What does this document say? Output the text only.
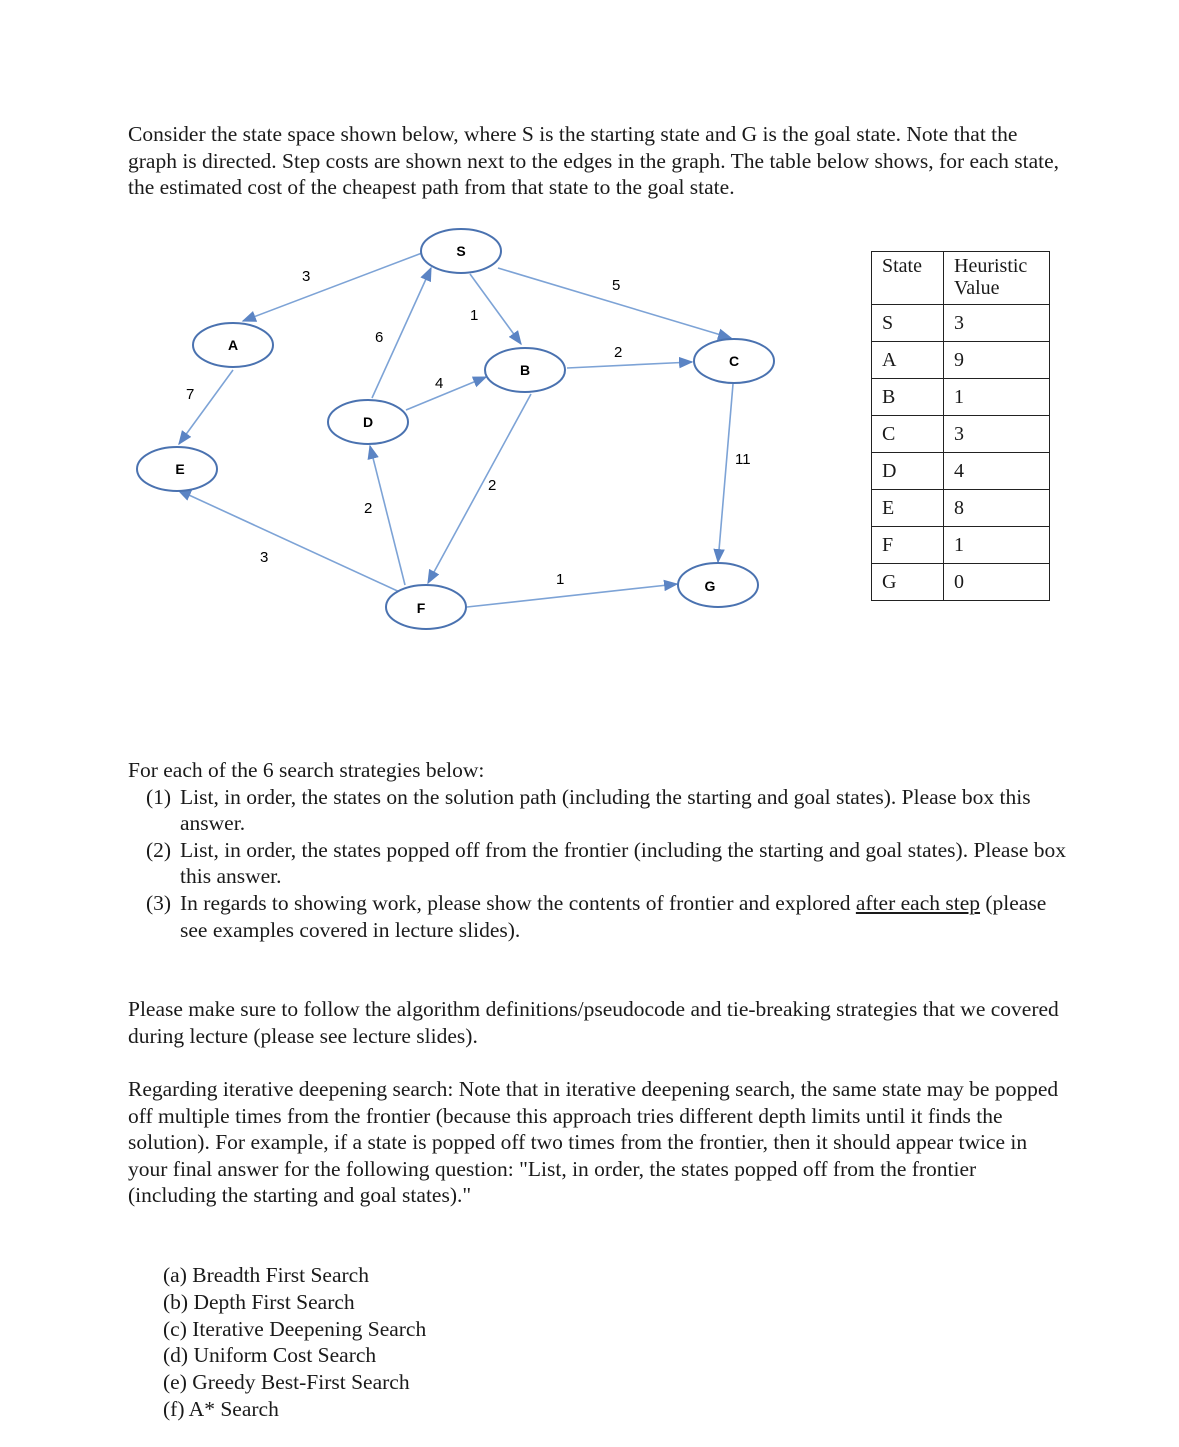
Consider the state space shown below, where S is the starting state and G is the goal state. Note that the graph is directed. Step costs are shown next to the edges in the graph. The table below shows, for each state, the estimated cost of the cheapest path from that state to the goal state.

3
1
5
6
7
4
2
2
2
3
1
11
S
A
B
C
D
E
F
G
State	Heuristic Value
S	3
A	9
B	1
C	3
D	4
E	8
F	1
G	0
For each of the 6 search strategies below:
(1) List, in order, the states on the solution path (including the starting and goal states). Please box this answer.
(2) List, in order, the states popped off from the frontier (including the starting and goal states). Please box this answer.
(3) In regards to showing work, please show the contents of frontier and explored after each step (please see examples covered in lecture slides).

Please make sure to follow the algorithm definitions/pseudocode and tie-breaking strategies that we covered during lecture (please see lecture slides).

Regarding iterative deepening search: Note that in iterative deepening search, the same state may be popped off multiple times from the frontier (because this approach tries different depth limits until it finds the solution). For example, if a state is popped off two times from the frontier, then it should appear twice in your final answer for the following question: "List, in order, the states popped off from the frontier (including the starting and goal states)."

(a) Breadth First Search
(b) Depth First Search
(c) Iterative Deepening Search
(d) Uniform Cost Search
(e) Greedy Best-First Search
(f) A* Search
